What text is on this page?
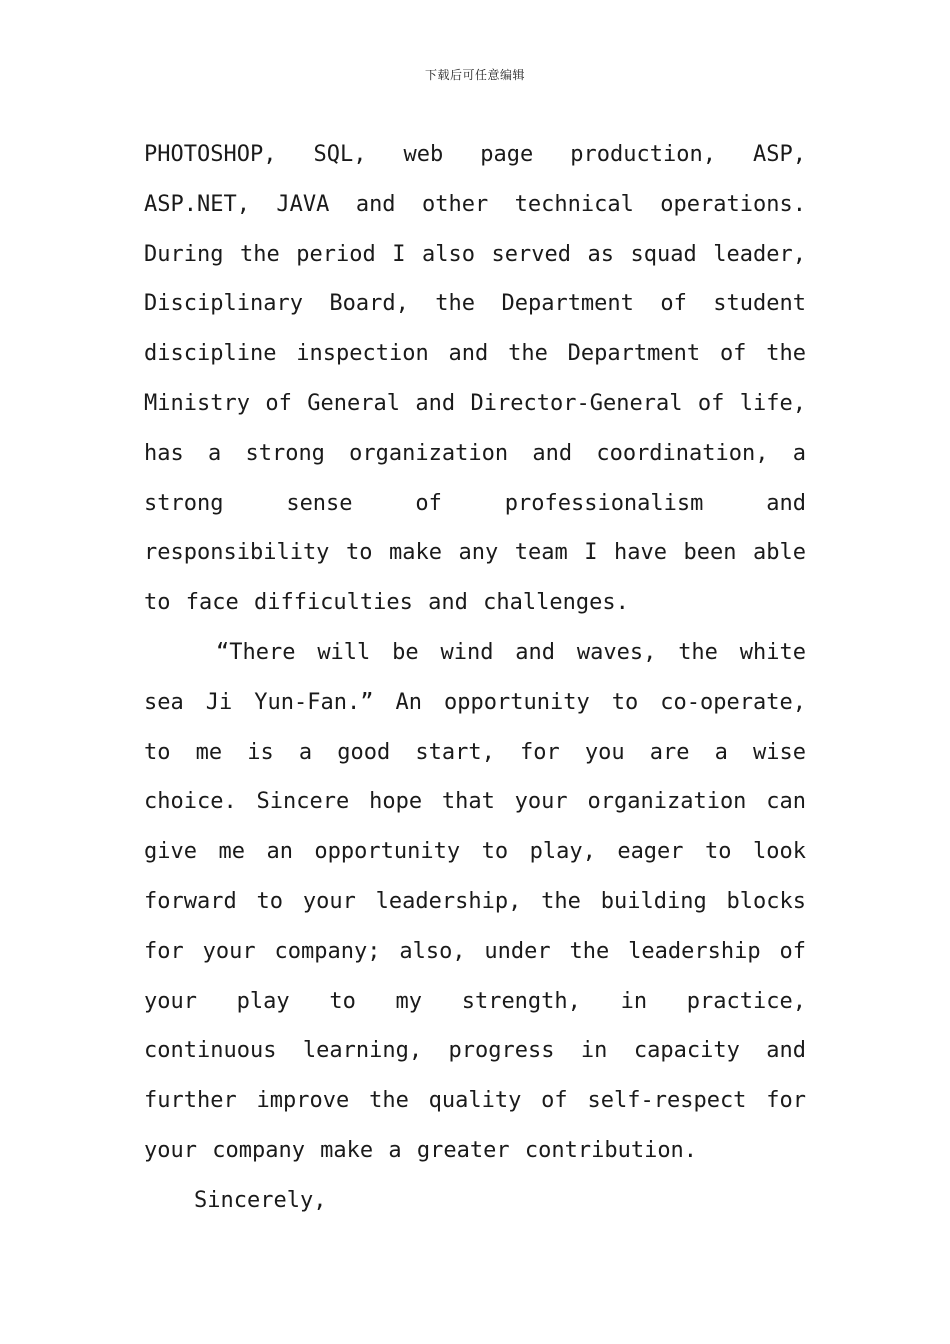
下载后可任意编辑

PHOTOSHOP, SQL, web page production, ASP, ASP.NET, JAVA and other technical operations. During the period I also served as squad leader, Disciplinary Board, the Department of student discipline inspection and the Department of the Ministry of General and Director-General of life, has a strong organization and coordination, a strong sense of professionalism and responsibility to make any team I have been able to face difficulties and challenges.

“There will be wind and waves, the white sea Ji Yun-Fan.” An opportunity to co-operate, to me is a good start, for you are a wise choice. Sincere hope that your organization can give me an opportunity to play, eager to look forward to your leadership, the building blocks for your company; also, under the leadership of your play to my strength, in practice, continuous learning, progress in capacity and further improve the quality of self-respect for your company make a greater contribution.

Sincerely,
